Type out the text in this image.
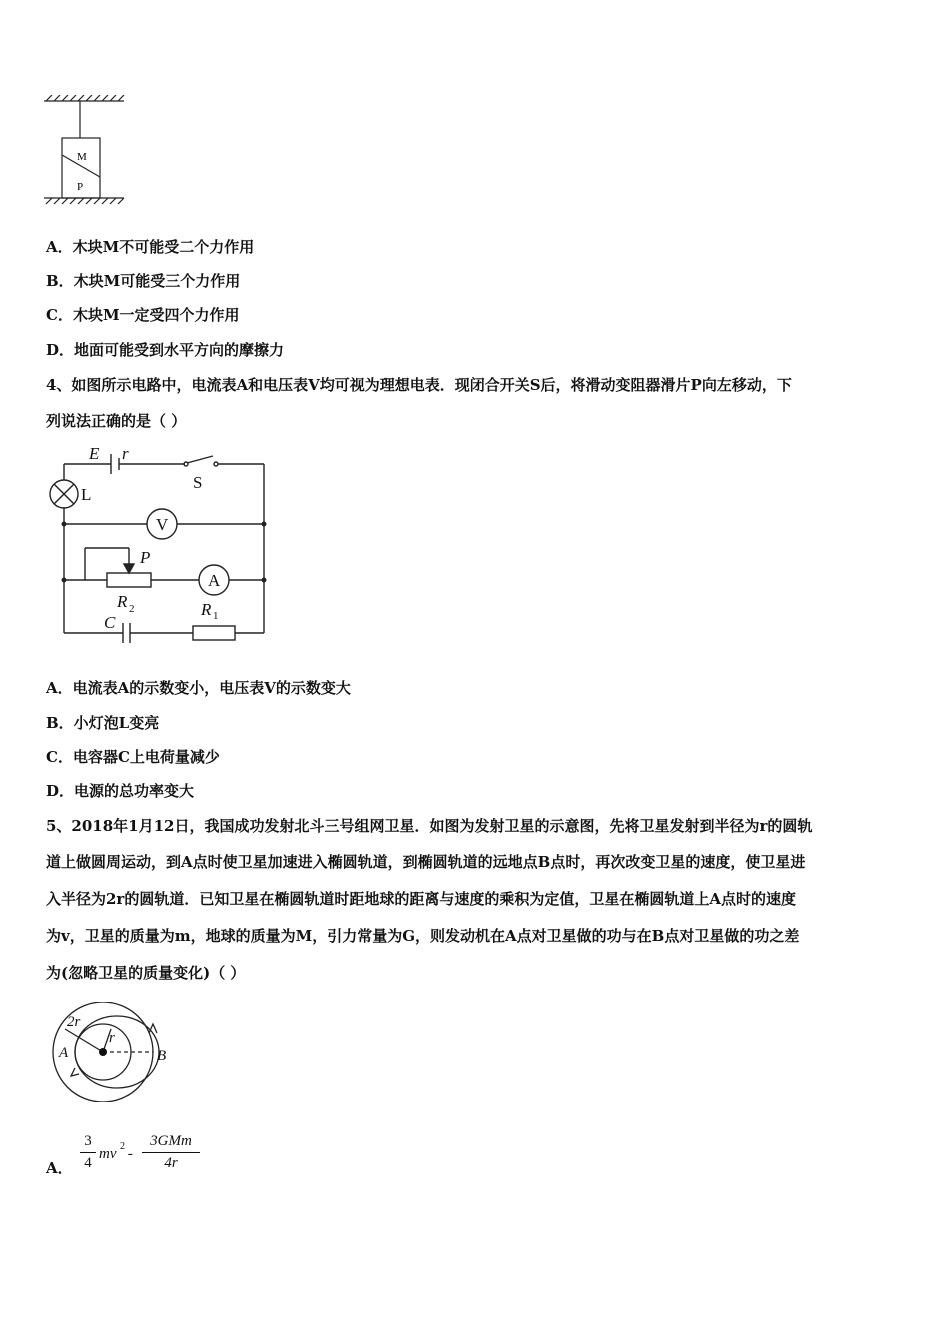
M
P
A．木块M不可能受二个力作用
B．木块M可能受三个力作用
C．木块M一定受四个力作用
D．地面可能受到水平方向的摩擦力
4、如图所示电路中，电流表A和电压表V均可视为理想电表．现闭合开关S后，将滑动变阻器滑片P向左移动，下
列说法正确的是（ ）
E r
P
R
C
R
2
1
S
L
V
A
A．电流表A的示数变小，电压表V的示数变大
B．小灯泡L变亮
C．电容器C上电荷量减少
D．电源的总功率变大
5、2018年1月12日，我国成功发射北斗三号组网卫星．如图为发射卫星的示意图，先将卫星发射到半径为r的圆轨
道上做圆周运动，到A点时使卫星加速进入椭圆轨道，到椭圆轨道的远地点B点时，再次改变卫星的速度，使卫星进
入半径为2r的圆轨道．已知卫星在椭圆轨道时距地球的距离与速度的乘积为定值，卫星在椭圆轨道上A点时的速度
为v，卫星的质量为m，地球的质量为M，引力常量为G，则发动机在A点对卫星做的功与在B点对卫星做的功之差
为(忽略卫星的质量变化)（ ）
2r
r
A	B
A．
3
4
mv 2 -
3GMm
4r
